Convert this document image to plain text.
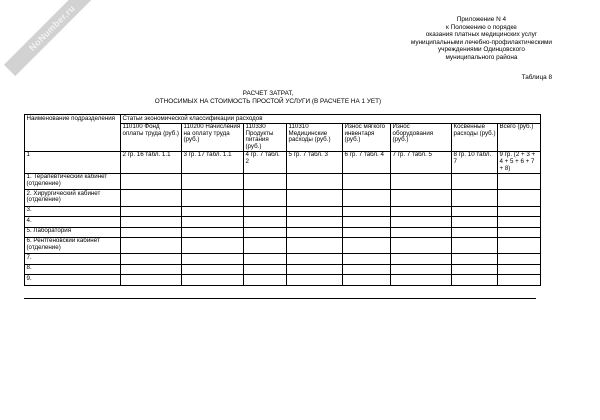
NoNumber.ru	Приложение N 4
к Положению о порядке
оказания платных медицинских услуг
муниципальными лечебно-профилактическими
учреждениями Одинцовского
муниципального района
Таблица 8
РАСЧЕТ ЗАТРАТ,
ОТНОСИМЫХ НА СТОИМОСТЬ ПРОСТОЙ УСЛУГИ (В РАСЧЕТЕ НА 1 УЕТ)
Наименование подразделения	Статьи экономической классификации расходов							
	110100 Фонд оплаты труда (руб.)	110200 Начисления на оплату труда (руб.)	110330 Продукты питания (руб.)	110310 Медицинские расходы (руб.)	Износ мягкого инвентаря (руб.)	Износ оборудования (руб.)	Косвенные расходы (руб.)	Всего (руб.)
1	2 гр. 16 табл. 1.1	3 гр. 17 табл. 1.1	4 гр. 7 табл. 2	5 гр. 7 табл. 3	6 гр. 7 табл. 4	7 гр. 7 табл. 5	8 гр. 10 табл. 7	9 гр. (2 + 3 + 4 + 5 + 6 + 7 + 8)
1. Терапевтический кабинет (отделение)								
2. Хирургический кабинет (отделение)								
3.								
4.								
5. Лаборатория								
6. Рентгеновский кабинет (отделение)								
7.								
8.								
9.								
